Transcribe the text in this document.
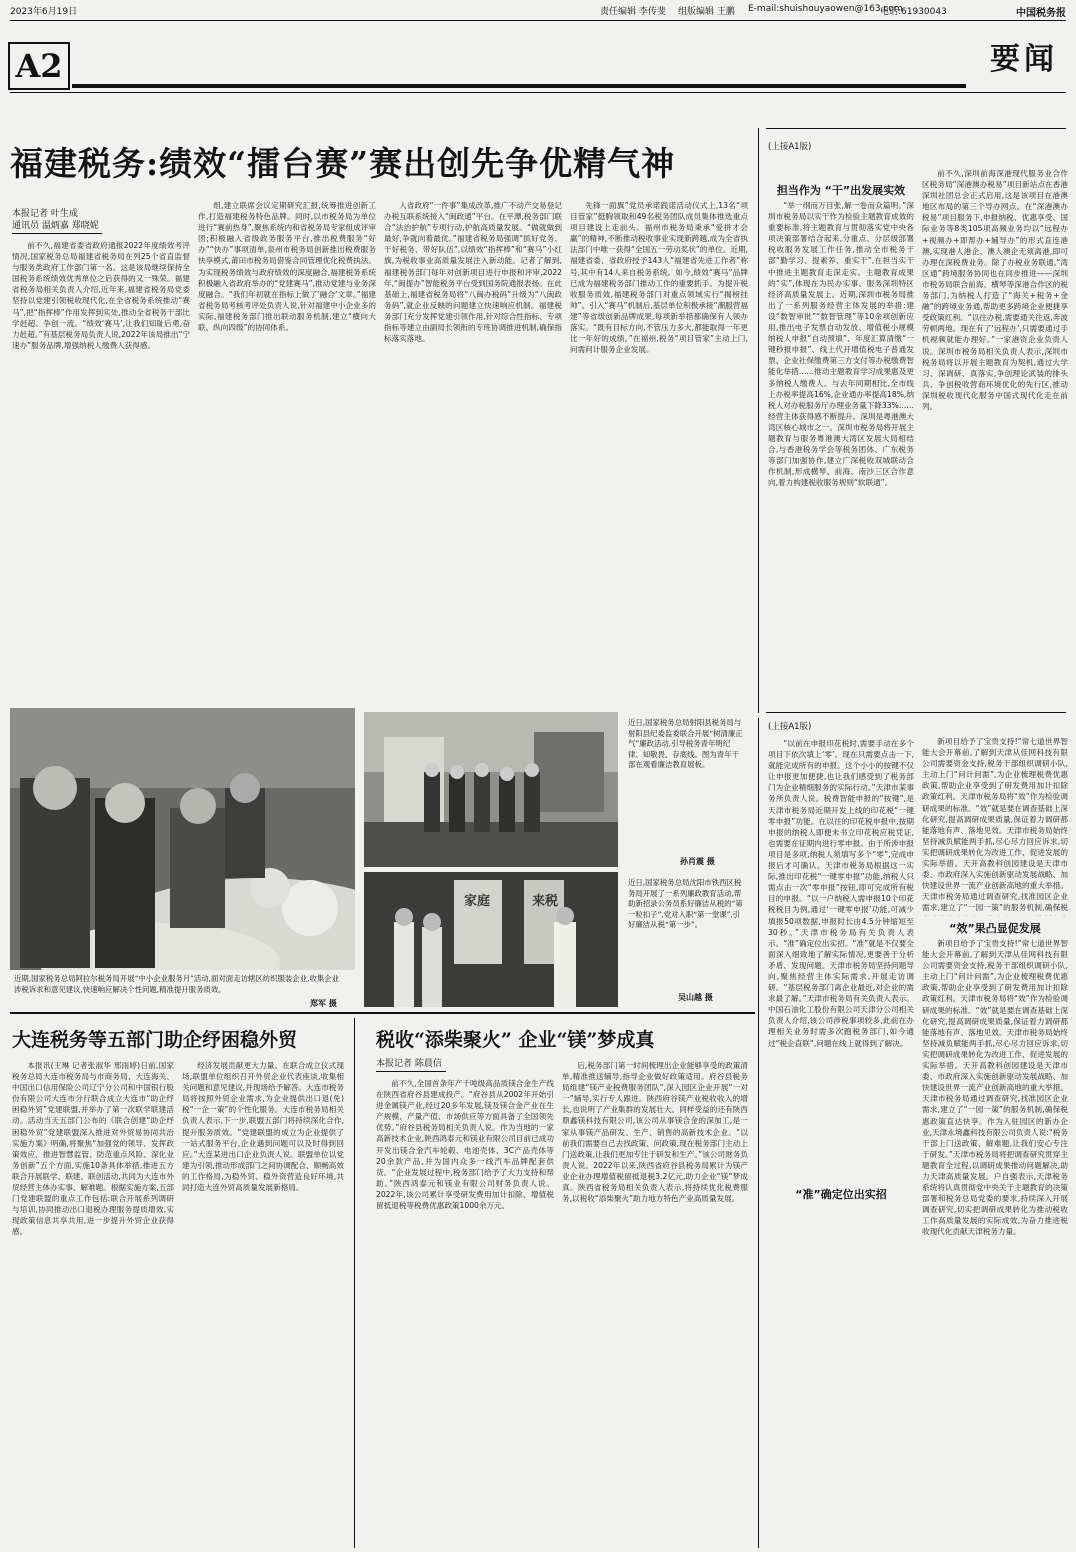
2023年6月19日	责任编辑 李传斐 组版编辑 王鹏 E-mail:shuishouyaowen@163.com
电话:61930043	中国税务报
A2	要闻
福建税务:绩效“擂台赛”赛出创先争优精气神
本报记者 叶生成
通讯员 温炳嘉 郑晓妮

前不久,福建省委省政府通报2022年度绩效考评情况,国家税务总局福建省税务局在列25个省直监督与服务类政府工作部门第一名。这是该局继续保持全国税务系统绩效优秀单位之后获得的又一殊荣。福建省税务局相关负责人介绍,近年来,福建省税务局党委坚持以党建引领税收现代化,在全省税务系统推动“赛马”,把“指挥棒”作用发挥到实处,推动全省税务干部比学赶超、争创一流。“绩效‘赛马’,让我们知耻后勇,奋力赶超。”有基层税务局负责人说,2022年该局推出“宁速办”服务品牌,增强纳税人缴费人获得感。

组,建立联席会议定期研究汇报,统筹推进创新工作,打造福建税务特色品牌。同时,以市税务局为单位进行“赛前热身”,聚焦系统内和省税务局专家组成评审团;积极融入省级政务服务平台,推出税费服务“好办”“快办”事项清单,泉州市税务局创新推出税费服务快享模式,莆田市税务局借鉴合同管理优化税费执法。为实现税务绩效与政府绩效的深度融合,福建税务系统积极融入省政府举办的“党建赛马”,推动党建与业务深度融合。“我们年初就在指标上做了‘融合’文章。”福建省税务局考核考评处负责人说,针对福建中小企业多的实际,福建税务部门推出联动服务机制,建立“横向大联、纵向四级”的协同体系。

入省政府“一件事”集成改革,推广不动产交易登记办税互联系统接入“闽政通”平台。在平潭,税务部门联合“法治护航”专项行动,护航高质量发展。“做就做到最好,争就向着最优。”福建省税务局强调“抓好党务、干好税务、带好队伍”,以绩效“指挥棒”和“赛马”小红旗,为税收事业高质量发展注入新动能。记者了解到,福建税务部门每年对创新项目进行申报和评审,2022年,“闽提办”智能税务平台受到国务院通报表扬。在此基础上,福建省税务局将“八闽办税码”升级为“八闽政务码”,就企业反映的问题建立快速响应机制。福建税务部门充分发挥党建引领作用,针对综合性指标、专项指标等建立由副局长领衔的专班协调推进机制,确保指标落实落地。

先锋一面旗”党员承诺践诺活动仪式上,13名“项目管家”挺胸领取和49名税务团队成员集体推选重点项目建设上走前头。福州市税务局秉承“爱拼才会赢”的精神,不断推动税收事业实现新跨越,成为全省执法部门中唯一获得“全国五一劳动奖状”的单位。近期,福建省委、省政府授予143人“福建省先进工作者”称号,其中有14人来自税务系统。如今,绩效“赛马”品牌已成为福建税务部门推动工作的重要抓手。为提升税收服务质效,福建税务部门对重点领域实行“揭榜挂帅”。引入“赛马”机制后,基层单位积极承接“潮服营福建”等省级创新品牌成果,每项新举措都确保有人领办落实。“既有目标方向,不管压力多大,都能取得一年更比一年好的成绩。”在福州,税务“项目管家”主动上门,问需问计服务企业发展。

(上接A1版)
担当作为 “干”出发展实效

“举一纲而万目张,解一卷而众篇明。”深圳市税务局以实干作为检验主题教育成效的重要标准,将主题教育与贯彻落实党中央各项决策部署结合起来,分重点、分层级部署税收服务发展工作任务,推动全市税务干部“勤学习、提素养、重实干”,在担当实干中推进主题教育走深走实。主题教育成果的“实”,体现在为民办实事、服务深圳特区经济高质量发展上。近期,深圳市税务局推出了一系列服务经营主体发展的举措:建设“数智审批”“数智管理”等10余项创新应用,推出电子发票自动发放、增值税小规模纳税人申报“自动预填”、年度汇算清缴“一键秒报申报”、线上代开增值税电子普通发票、企业社保缴费第三方支付等办税缴费智能化举措……推动主题教育学习成果惠及更多纳税人缴费人。与去年同期相比,全市线上办税率提高16%,企业通办率提高18%,纳税人对办税服务厅办理业务量下降33%……经营主体获得感不断提升。深圳是粤港澳大湾区核心城市之一。深圳市税务局将开展主题教育与服务粤港澳大湾区发展大局相结合,与香港税务学会等税务团体、广东税务等部门加强协作,建立广深税收双城联动合作机制,形成横琴、前海、南沙三区合作意向,着力构建税收服务规则“软联通”。

前不久,深圳前海深港现代服务业合作区税务局“深港澳办税易”项目新站点在香港深圳社团总会正式启用,这是该项目在港澳地区布局的第三个导办网点。在“深港澳办税易”项目服务下,申报纳税、优惠享受、国际业务等8类105项高频业务均以“远程办+视频办+即帮办+辅导办”的形式直连港澳,实现港人港企、澳人澳企无须离港,即可办理在深税费业务。除了办税业务联通,“湾区通”跨境服务协同也在同步推进——深圳市税务局联合前海、横琴等深港合作区的税务部门,为纳税人打造了“海关+税务+金融”的跨境业务通,帮助更多跨境企业便捷享受政策红利。“以往办税,需要通关往返,奔波劳顿两地。现在有了‘远程办’,只需要通过手机视频就能办理好。”一家港资企业负责人说。深圳市税务局相关负责人表示,深圳市税务局将以开展主题教育为契机,通过大学习、深调研、真落实,争创理论武装的排头兵、争创税收营商环境优化的先行区,推动深圳税收现代化服务中国式现代化走在前列。

近期,国家税务总局阿拉尔税务局开展“中小企业服务月”活动,面对面走访辖区纺织服装企业,收集企业涉税诉求和意见建议,快速响应解决个性问题,精准提升服务质效。
郑军 摄
近日,国家税务总局射阳县税务局与射阳县纪委监委联合开展“树清廉正气”廉政活动,引导税务青年明纪律、知敬畏、存底线。图为青年干部在观看廉洁教育展板。
孙肖震 摄
家庭	来税
近日,国家税务总局沈阳市铁西区税务局开展了一系列廉政教育活动,帮助新招录公务员系好廉洁从税的“第一粒扣子”,党对入职“第一堂课”,引好廉洁从税“第一步”。
吴山越 摄
(上接A1版)

“以前在申报印花税时,需要手动在多个项目下依次填上‘零’。现在只需要点击一下,就能完成所有的申报。这个小小的按键不仅让申报更加便捷,也让我们感受到了税务部门为企业精细服务的实际行动。”天津市某事务所负责人说。税费智能申报的“按键”,是天津市税务局近期开发上线的印花税“一键零申报”功能。在以往的印花税申报中,按期申报的纳税人即便未书立印花税应税凭证,也需要在征期内进行零申报。由于所涉申报项目是多项,纳税人须填写多个“零”,完成申报后才可确认。天津市税务局根据这一实际,推出印花税“一键零申报”功能,纳税人只需点击一次“零申报”按钮,即可完成所有税目的申报。“以一户纳税人需申报10个印花税税目为例,通过‘一键零申报’功能,可减少填报50项数据,申报时长由4.5分钟缩短至30秒。”天津市税务局有关负责人表示。“准”确定位出实招。“准”就是不仅要全面深入细致地了解实际情况,更要善于分析矛盾、发现问题。天津市税务局坚持问题导向,聚焦经营主体实际需求,开展走访调研。“基层税务部门离企业最近,对企业的需求最了解。”天津市税务局有关负责人表示。中国石油化工股份有限公司天津分公司相关负责人介绍,该公司涉税事项较多,此前在办理相关业务时需多次跑税务部门,如今通过“税企直联”,问题在线上就得到了解决。

新项目给予了宝贵支持!”常七道世界智能大会开幕前,了解到天津从佳网科技有限公司需要资金支持,税务干部组织调研小队,主动上门“问计问需”,为企业梳理税费优惠政策,帮助企业享受到了研发费用加计扣除政策红利。天津市税务局将“效”作为检验调研成果的标准。“效”就是要在调查基础上深化研究,提高调研成果质量,保证着力调研都能落地有声、落地见效。天津市税务局始终坚持减负赋能两手抓,尽心尽力回应诉求,切实把调研成果转化为改进工作、促进发展的实际举措。天开高教科创园建设是天津市委、市政府深入实施创新驱动发展战略、加快建设世界一流产业创新高地的重大举措。天津市税务局通过调查研究,找准园区企业需求,建立了“一园一策”的服务机制,确保税

“效”果凸显促发展

新项目给予了宝贵支持!”常七道世界智能大会开幕前,了解到天津从佳网科技有限公司需要资金支持,税务干部组织调研小队,主动上门“问计问需”,为企业梳理税费优惠政策,帮助企业享受到了研发费用加计扣除政策红利。天津市税务局将“效”作为检验调研成果的标准。“效”就是要在调查基础上深化研究,提高调研成果质量,保证着力调研都能落地有声、落地见效。天津市税务局始终坚持减负赋能两手抓,尽心尽力回应诉求,切实把调研成果转化为改进工作、促进发展的实际举措。天开高教科创园建设是天津市委、市政府深入实施创新驱动发展战略、加快建设世界一流产业创新高地的重大举措。天津市税务局通过调查研究,找准园区企业需求,建立了“一园一策”的服务机制,确保税惠政策直达快享。作为入驻园区的新办企业,天津永境鑫科技有限公司负责人说:“税务干部上门送政策、解难题,让我们安心专注于研发。”天津市税务局将把调查研究贯穿主题教育全过程,以调研成果推动问题解决,助力天津高质量发展。户自强表示,天津税务系统将认真贯彻党中央关于主题教育的决策部署和税务总局党委的要求,持续深入开展调查研究,切实把调研成果转化为推动税收工作高质量发展的实际成效,为奋力推进税收现代化贡献天津税务力量。

“准”确定位出实招
大连税务等五部门助企纾困稳外贸

本报讯(王琳 记者张淑华 邢雨婷)日前,国家税务总局大连市税务局与市商务局、大连海关、中国出口信用保险公司辽宁分公司和中国银行股份有限公司大连市分行联合成立大连市“助企纾困稳外贸”党建联盟,并举办了第一次联学联建活动。活动当天五部门公布的《联合创建“助企纾困稳外贸”党建联盟深入推进对外贸易协同共治实施方案》明确,将聚焦“加强党的领导、发挥政策效应、推进智慧监管、防范重点风险、深化业务创新”五个方面,实施10条具体举措,推进五方联合开展联学、联建、联创活动,共同为大连市外贸经营主体办实事、解难题。根据实施方案,五部门党建联盟的重点工作包括:联合开展系列调研与培训,协同推动出口退税办理服务提质增效,实现政策信息共享共用,进一步提升外贸企业获得感。

经济发展贡献更大力量。在联合成立仪式现场,联盟单位组织召开外贸企业代表座谈,收集相关问题和意见建议,并现场给予解答。大连市税务局将按照外贸企业需求,为企业提供出口退(免)税“一企一策”的个性化服务。大连市税务局相关负责人表示,下一步,联盟五部门将持续深化合作,提升服务质效。“党建联盟的成立为企业提供了一站式服务平台,企业遇到问题可以及时得到回应。”大连某进出口企业负责人说。联盟单位以党建为引领,推动形成部门之间协调配合、顺畅高效的工作格局,为稳外贸、稳外资营造良好环境,共同打造大连外贸高质量发展新格局。

税收“添柴聚火” 企业“镁”梦成真
本报记者 陈晨信

前不久,全国首条年产千吨级高品质镁合金生产线在陕西省府谷县建成投产。“府谷县从2002年开始引进金属镁产业,经过20多年发展,镁及镁合金产业在生产规模、产量产值、市场供应等方面具备了全国领先优势。”府谷县税务局相关负责人说。作为当地的一家高新技术企业,陕西鸿泰元和镁业有限公司目前已成功开发出镁合金汽车轮毂、电池壳体、3C产品壳体等20余款产品,并为国内众多一线汽车品牌配套供货。“企业发展过程中,税务部门给予了大力支持和帮助。”陕西鸿泰元和镁业有限公司财务负责人说。2022年,该公司累计享受研发费用加计扣除、增值税留抵退税等税费优惠政策1000余万元。

后,税务部门第一时间梳理出企业能够享受的政策清单,精准推送辅导,指导企业做好政策适用。府谷县税务局组建“镁产业税费服务团队”,深入园区企业开展“一对一”辅导,实行专人跟进。陕西府谷镁产业税收收入的增长,也说明了产业集群的发展壮大。同样受益的还有陕西鼎鑫镁科技有限公司,该公司从事镁合金的深加工,是一家从事镁产品研发、生产、销售的高新技术企业。“以前我们需要自己去找政策、问政策,现在税务部门主动上门送政策,让我们更加专注于研发和生产。”该公司财务负责人说。2022年以来,陕西省府谷县税务局累计为镁产业企业办理增值税留抵退税3.2亿元,助力企业“镁”梦成真。陕西省税务局相关负责人表示,将持续优化税费服务,以税收“添柴聚火”助力地方特色产业高质量发展。
